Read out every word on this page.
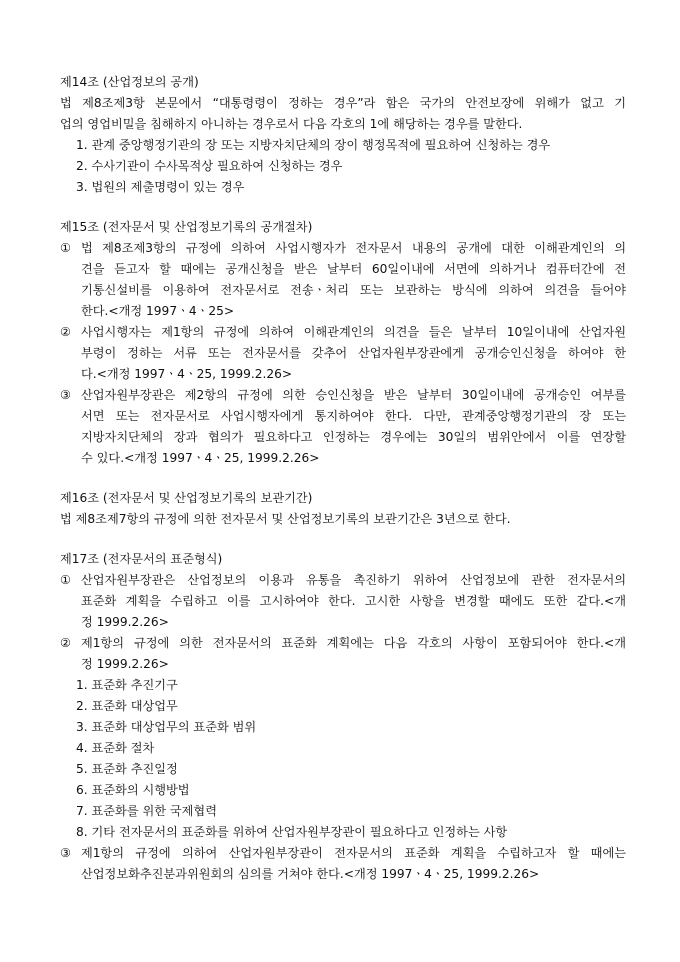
제14조 (산업정보의 공개)
법 제8조제3항 본문에서 “대통령령이 정하는 경우”라 함은 국가의 안전보장에 위해가 없고 기
업의 영업비밀을 침해하지 아니하는 경우로서 다음 각호의 1에 해당하는 경우를 말한다.
1. 관계 중앙행정기관의 장 또는 지방자치단체의 장이 행정목적에 필요하여 신청하는 경우
2. 수사기관이 수사목적상 필요하여 신청하는 경우
3. 법원의 제출명령이 있는 경우
제15조 (전자문서 및 산업정보기록의 공개절차)
① 법 제8조제3항의 규정에 의하여 사업시행자가 전자문서 내용의 공개에 대한 이해관계인의 의
견을 듣고자 할 때에는 공개신청을 받은 날부터 60일이내에 서면에 의하거나 컴퓨터간에 전
기통신설비를 이용하여 전자문서로 전송ㆍ처리 또는 보관하는 방식에 의하여 의견을 들어야
한다.<개정 1997ㆍ4ㆍ25>
② 사업시행자는 제1항의 규정에 의하여 이해관계인의 의견을 들은 날부터 10일이내에 산업자원
부령이 정하는 서류 또는 전자문서를 갖추어 산업자원부장관에게 공개승인신청을 하여야 한
다.<개정 1997ㆍ4ㆍ25, 1999.2.26>
③ 산업자원부장관은 제2항의 규정에 의한 승인신청을 받은 날부터 30일이내에 공개승인 여부를
서면 또는 전자문서로 사업시행자에게 통지하여야 한다. 다만, 관계중앙행정기관의 장 또는
지방자치단체의 장과 협의가 필요하다고 인정하는 경우에는 30일의 범위안에서 이를 연장할
수 있다.<개정 1997ㆍ4ㆍ25, 1999.2.26>
제16조 (전자문서 및 산업정보기록의 보관기간)
법 제8조제7항의 규정에 의한 전자문서 및 산업정보기록의 보관기간은 3년으로 한다.
제17조 (전자문서의 표준형식)
① 산업자원부장관은 산업정보의 이용과 유통을 촉진하기 위하여 산업정보에 관한 전자문서의
표준화 계획을 수립하고 이를 고시하여야 한다. 고시한 사항을 변경할 때에도 또한 같다.<개
정 1999.2.26>
② 제1항의 규정에 의한 전자문서의 표준화 계획에는 다음 각호의 사항이 포함되어야 한다.<개
정 1999.2.26>
1. 표준화 추진기구
2. 표준화 대상업무
3. 표준화 대상업무의 표준화 범위
4. 표준화 절차
5. 표준화 추진일정
6. 표준화의 시행방법
7. 표준화를 위한 국제협력
8. 기타 전자문서의 표준화를 위하여 산업자원부장관이 필요하다고 인정하는 사항
③ 제1항의 규정에 의하여 산업자원부장관이 전자문서의 표준화 계획을 수립하고자 할 때에는
산업정보화추진분과위원회의 심의를 거쳐야 한다.<개정 1997ㆍ4ㆍ25, 1999.2.26>
